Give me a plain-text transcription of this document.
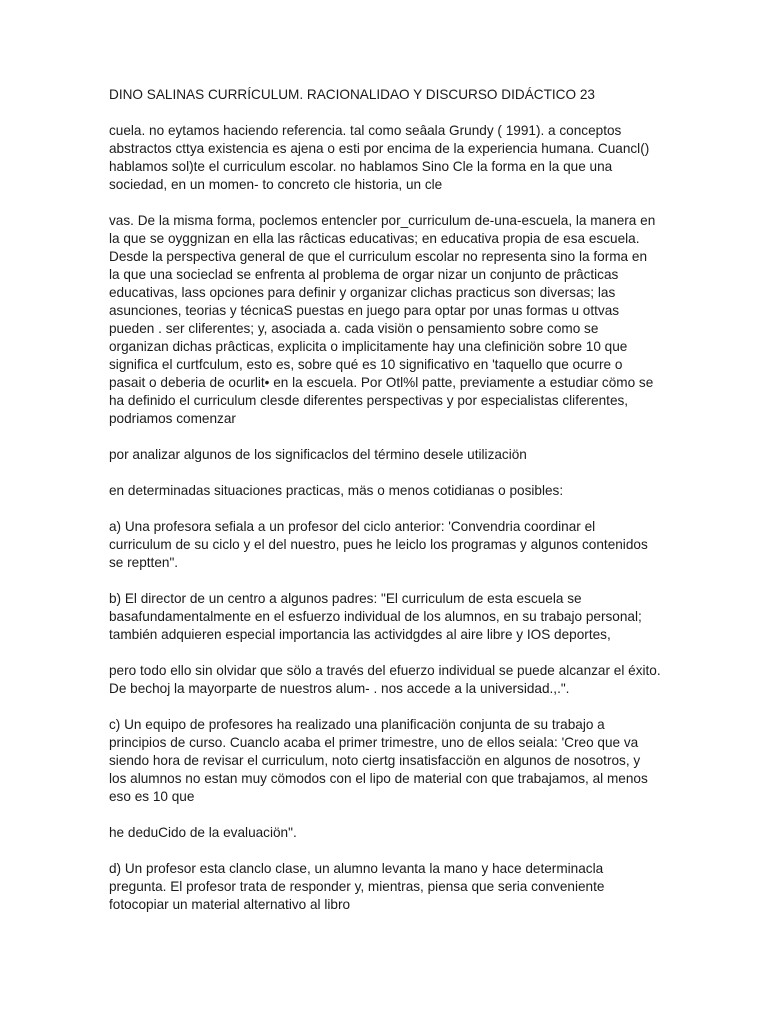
DINO SALINAS CURRÍCULUM. RACIONALIDAO Y DISCURSO DIDÁCTICO 23

cuela. no eytamos haciendo referencia. tal como seâala Grundy ( 1991). a conceptos abstractos cttya existencia es ajena o esti por encima de la experiencia humana. Cuancl() hablamos sol)te el curriculum escolar. no hablamos Sino Cle la forma en la que una sociedad, en un momen- to concreto cle historia, un cle

vas. De la misma forma, poclemos entencler por_curriculum de-una-escuela, la manera en la que se oyggnizan en ella las râcticas educativas; en educativa propia de esa escuela. Desde la perspectiva general de que el curriculum escolar no representa sino la forma en la que una socieclad se enfrenta al problema de orgar nizar un conjunto de prâcticas educativas, lass opciones para definir y organizar clichas practicus son diversas; las asunciones, teorias y técnicaS puestas en juego para optar por unas formas u ottvas pueden . ser cliferentes; y, asociada a. cada visiön o pensamiento sobre como se organizan dichas prâcticas, explicita o implicitamente hay una clefiniciön sobre 10 que significa el curtfculum, esto es, sobre qué es 10 significativo en 'taquello que ocurre o pasait o deberia de ocurlit• en la escuela. Por Otl%l patte, previamente a estudiar cömo se ha definido el curriculum clesde diferentes perspectivas y por especialistas cliferentes, podriamos comenzar

por analizar algunos de los significaclos del término desele utilizaciön

en determinadas situaciones practicas, mäs o menos cotidianas o posibles:

a) Una profesora sefiala a un profesor del ciclo anterior: 'Convendria coordinar el curriculum de su ciclo y el del nuestro, pues he leiclo los programas y algunos contenidos se reptten".

b) El director de un centro a algunos padres: "El curriculum de esta escuela se basafundamentalmente en el esfuerzo individual de los alumnos, en su trabajo personal; también adquieren especial importancia las actividgdes al aire libre y IOS deportes,

pero todo ello sin olvidar que sölo a través del efuerzo individual se puede alcanzar el éxito. De bechoj la mayorparte de nuestros alum- . nos accede a la universidad.,.".

c) Un equipo de profesores ha realizado una planificaciön conjunta de su trabajo a principios de curso. Cuanclo acaba el primer trimestre, uno de ellos seiala: 'Creo que va siendo hora de revisar el curriculum, noto ciertg insatisfacciön en algunos de nosotros, y los alumnos no estan muy cömodos con el lipo de material con que trabajamos, al menos eso es 10 que

he deduCido de la evaluaciön".

d) Un profesor esta clanclo clase, un alumno levanta la mano y hace determinacla pregunta. El profesor trata de responder y, mientras, piensa que seria conveniente fotocopiar un material alternativo al libro
